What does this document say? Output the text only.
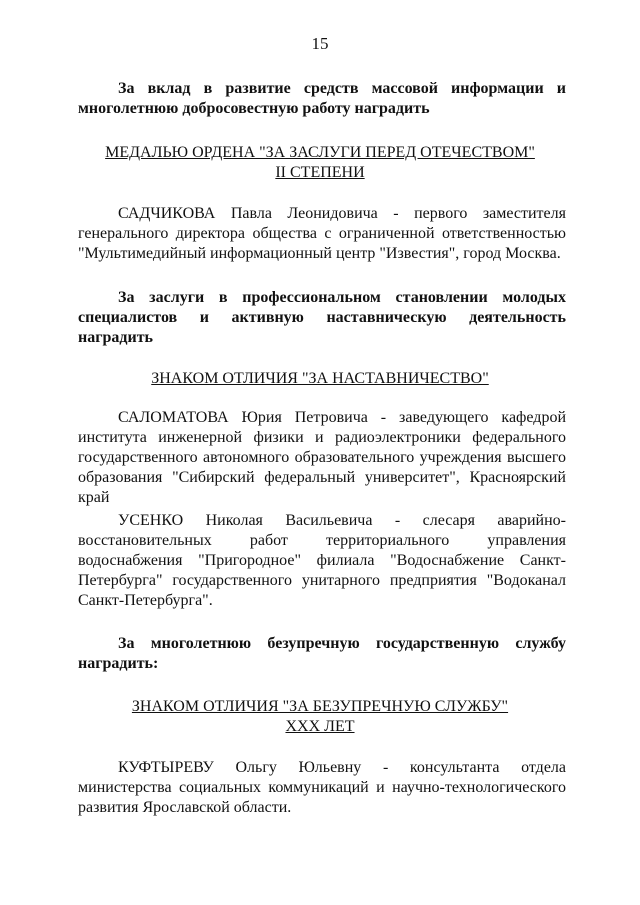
15
За вклад в развитие средств массовой информации и многолетнюю добросовестную работу наградить
МЕДАЛЬЮ ОРДЕНА "ЗА ЗАСЛУГИ ПЕРЕД ОТЕЧЕСТВОМ"
II СТЕПЕНИ
САДЧИКОВА Павла Леонидовича - первого заместителя генерального директора общества с ограниченной ответственностью "Мультимедийный информационный центр "Известия", город Москва.
За заслуги в профессиональном становлении молодых специалистов и активную наставническую деятельность наградить
ЗНАКОМ ОТЛИЧИЯ "ЗА НАСТАВНИЧЕСТВО"
САЛОМАТОВА Юрия Петровича - заведующего кафедрой института инженерной физики и радиоэлектроники федерального государственного автономного образовательного учреждения высшего образования "Сибирский федеральный университет", Красноярский край
УСЕНКО Николая Васильевича - слесаря аварийно-восстановительных работ территориального управления водоснабжения "Пригородное" филиала "Водоснабжение Санкт-Петербурга" государственного унитарного предприятия "Водоканал Санкт-Петербурга".
За многолетнюю безупречную государственную службу наградить:
ЗНАКОМ ОТЛИЧИЯ "ЗА БЕЗУПРЕЧНУЮ СЛУЖБУ"
XXX ЛЕТ
КУФТЫРЕВУ Ольгу Юльевну - консультанта отдела министерства социальных коммуникаций и научно-технологического развития Ярославской области.
